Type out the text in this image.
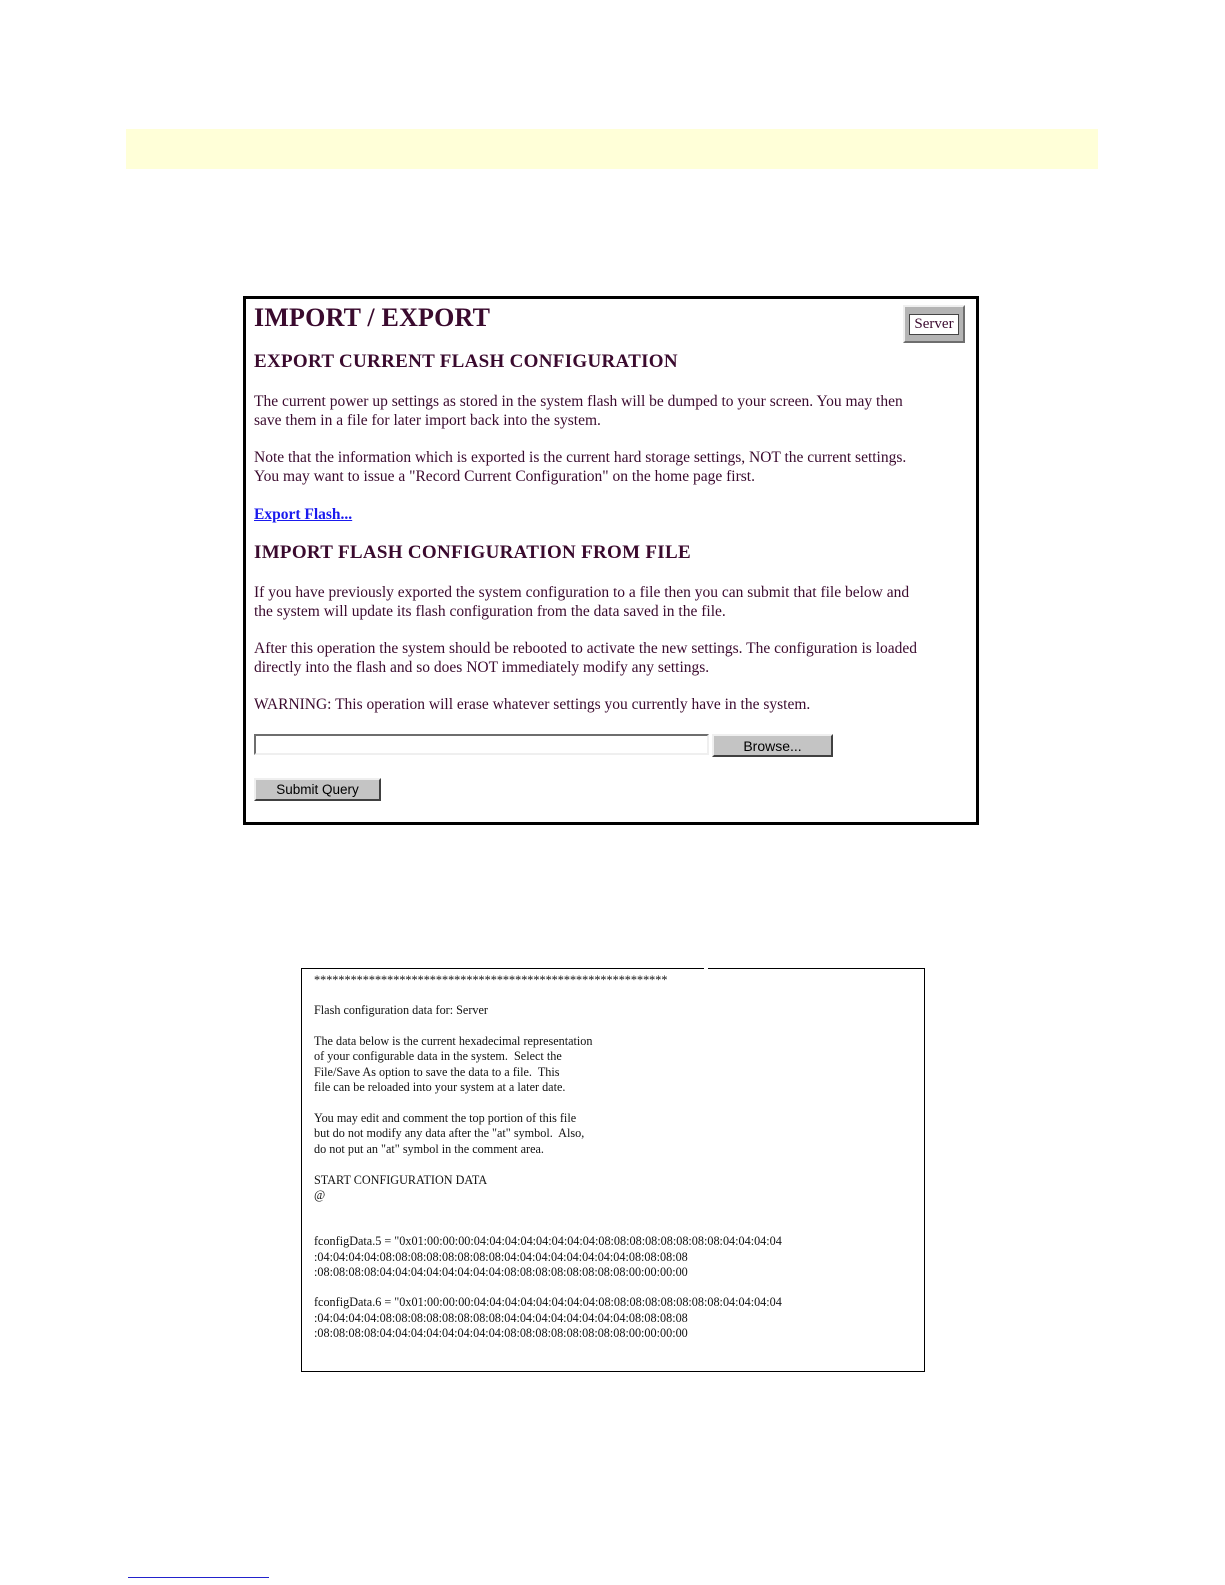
IMPORT / EXPORT	Server
EXPORT CURRENT FLASH CONFIGURATION

The current power up settings as stored in the system flash will be dumped to your screen. You may then
save them in a file for later import back into the system.

Note that the information which is exported is the current hard storage settings, NOT the current settings.
You may want to issue a "Record Current Configuration" on the home page first.

Export Flash...
IMPORT FLASH CONFIGURATION FROM FILE

If you have previously exported the system configuration to a file then you can submit that file below and
the system will update its flash configuration from the data saved in the file.

After this operation the system should be rebooted to activate the new settings. The configuration is loaded
directly into the flash and so does NOT immediately modify any settings.

WARNING: This operation will erase whatever settings you currently have in the system.

Browse...
Submit Query

**********************************************************

Flash configuration data for: Server

The data below is the current hexadecimal representation

of your configurable data in the system.  Select the

File/Save As option to save the data to a file.  This

file can be reloaded into your system at a later date.

You may edit and comment the top portion of this file

but do not modify any data after the "at" symbol.  Also,

do not put an "at" symbol in the comment area.

START CONFIGURATION DATA

@

fconfigData.5 = "0x01:00:00:00:04:04:04:04:04:04:04:04:08:08:08:08:08:08:08:08:04:04:04:04

:04:04:04:04:08:08:08:08:08:08:08:08:04:04:04:04:04:04:04:04:08:08:08:08

:08:08:08:08:04:04:04:04:04:04:04:04:08:08:08:08:08:08:08:08:00:00:00:00

fconfigData.6 = "0x01:00:00:00:04:04:04:04:04:04:04:04:08:08:08:08:08:08:08:08:04:04:04:04

:04:04:04:04:08:08:08:08:08:08:08:08:04:04:04:04:04:04:04:04:08:08:08:08

:08:08:08:08:04:04:04:04:04:04:04:04:08:08:08:08:08:08:08:08:00:00:00:00
